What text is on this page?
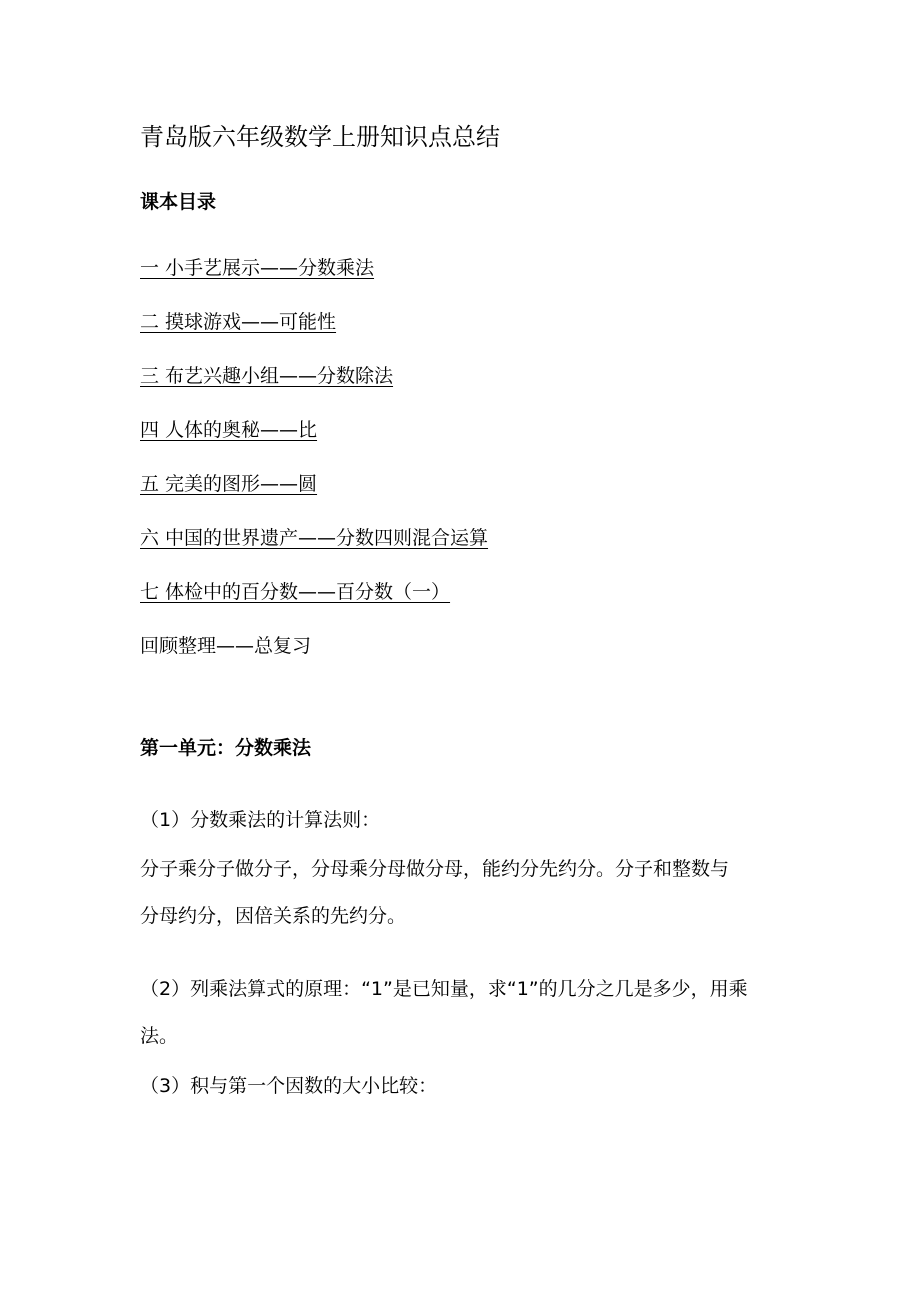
青岛版六年级数学上册知识点总结
课本目录
一 小手艺展示——分数乘法
二 摸球游戏——可能性
三 布艺兴趣小组——分数除法
四 人体的奥秘——比
五 完美的图形——圆
六 中国的世界遗产——分数四则混合运算
七 体检中的百分数——百分数（一）
回顾整理——总复习
第一单元：分数乘法
（1）分数乘法的计算法则：
分子乘分子做分子，分母乘分母做分母，能约分先约分。分子和整数与
分母约分，因倍关系的先约分。
（2）列乘法算式的原理：“1”是已知量，求“1”的几分之几是多少，用乘
法。
（3）积与第一个因数的大小比较：
